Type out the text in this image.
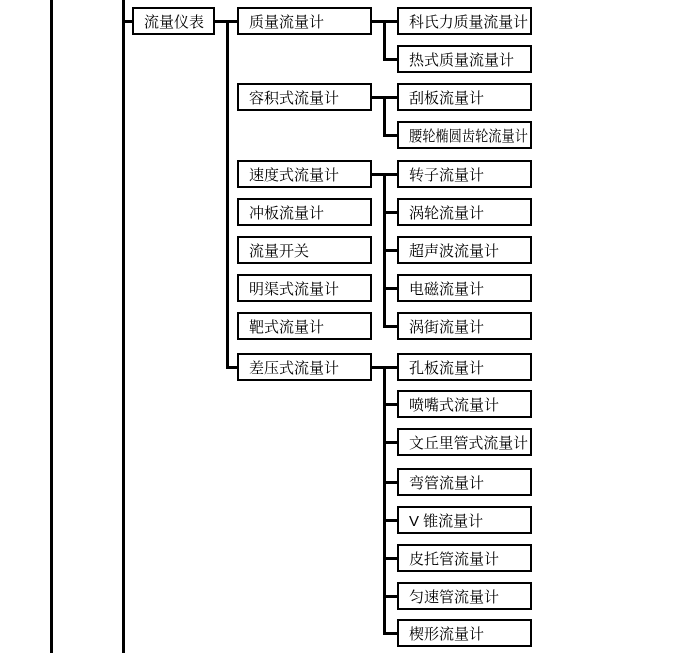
流量仪表	质量流量计	科氏力质量流量计
热式质量流量计
容积式流量计	刮板流量计
腰轮椭圆齿轮流量计
速度式流量计	转子流量计
涡轮流量计
超声波流量计
电磁流量计
涡街流量计
冲板流量计
流量开关
明渠式流量计
靶式流量计
差压式流量计	孔板流量计
喷嘴式流量计
文丘里管式流量计
弯管流量计
V 锥流量计
皮托管流量计
匀速管流量计
楔形流量计
